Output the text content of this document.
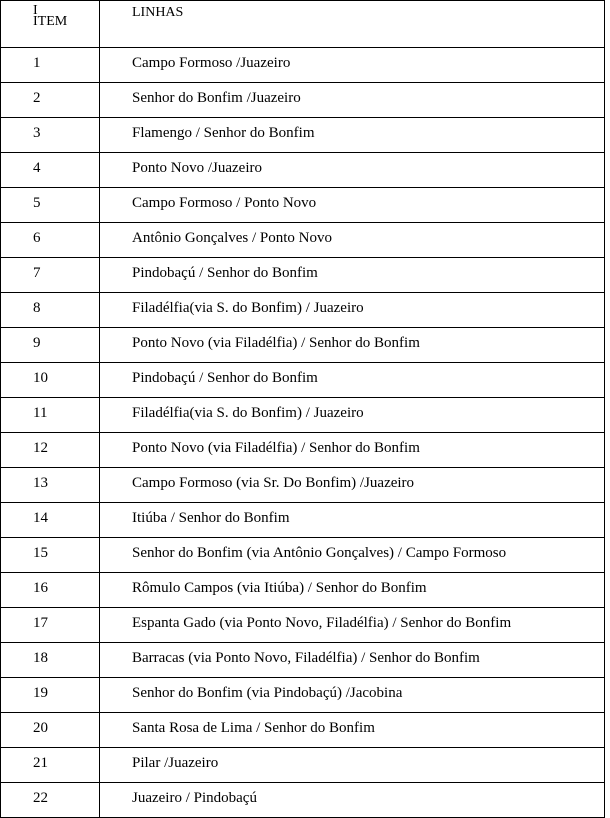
I
ITEM	LINHAS
1	Campo Formoso /Juazeiro
2	Senhor do Bonfim /Juazeiro
3	Flamengo / Senhor do Bonfim
4	Ponto Novo /Juazeiro
5	Campo Formoso / Ponto Novo
6	Antônio Gonçalves / Ponto Novo
7	Pindobaçú / Senhor do Bonfim
8	Filadélfia(via S. do Bonfim) / Juazeiro
9	Ponto Novo (via Filadélfia) / Senhor do Bonfim
10	Pindobaçú / Senhor do Bonfim
11	Filadélfia(via S. do Bonfim) / Juazeiro
12	Ponto Novo (via Filadélfia) / Senhor do Bonfim
13	Campo Formoso (via Sr. Do Bonfim) /Juazeiro
14	Itiúba / Senhor do Bonfim
15	Senhor do Bonfim (via Antônio Gonçalves) / Campo Formoso
16	Rômulo Campos (via Itiúba) / Senhor do Bonfim
17	Espanta Gado (via Ponto Novo, Filadélfia) / Senhor do Bonfim
18	Barracas (via Ponto Novo, Filadélfia) / Senhor do Bonfim
19	Senhor do Bonfim (via Pindobaçú) /Jacobina
20	Santa Rosa de Lima / Senhor do Bonfim
21	Pilar /Juazeiro
22	Juazeiro / Pindobaçú
